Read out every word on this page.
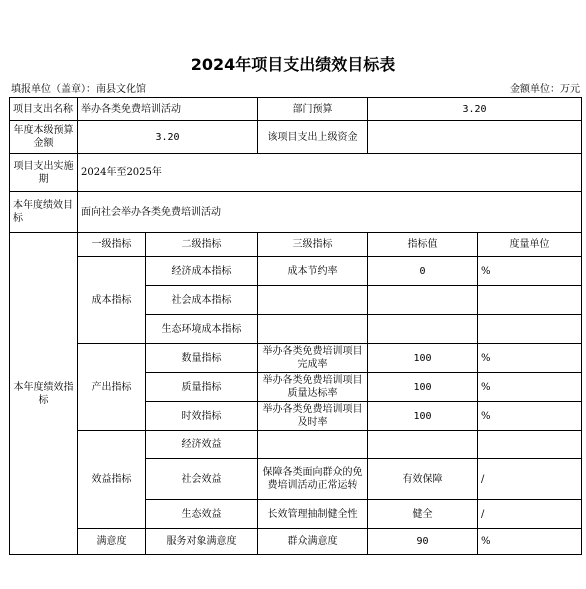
2024年项目支出绩效目标表
填报单位（盖章）：南县文化馆	金额单位：万元
项目支出名称	举办各类免费培训活动		部门预算	3.20	
年度本级预算金额	3.20		该项目支出上级资金		
项目支出实施期	2024年至2025年				
本年度绩效目标	面向社会举办各类免费培训活动				
本年度绩效指标	一级指标	二级指标	三级指标	指标值	度量单位
	成本指标	经济成本指标	成本节约率	0	%
		社会成本指标			
		生态环境成本指标			
	产出指标	数量指标	举办各类免费培训项目完成率	100	%
		质量指标	举办各类免费培训项目质量达标率	100	%
		时效指标	举办各类免费培训项目及时率	100	%
	效益指标	经济效益			
		社会效益	保障各类面向群众的免费培训活动正常运转	有效保障	/
		生态效益	长效管理抽制健全性	健全	/
	满意度	服务对象满意度	群众满意度	90	%
